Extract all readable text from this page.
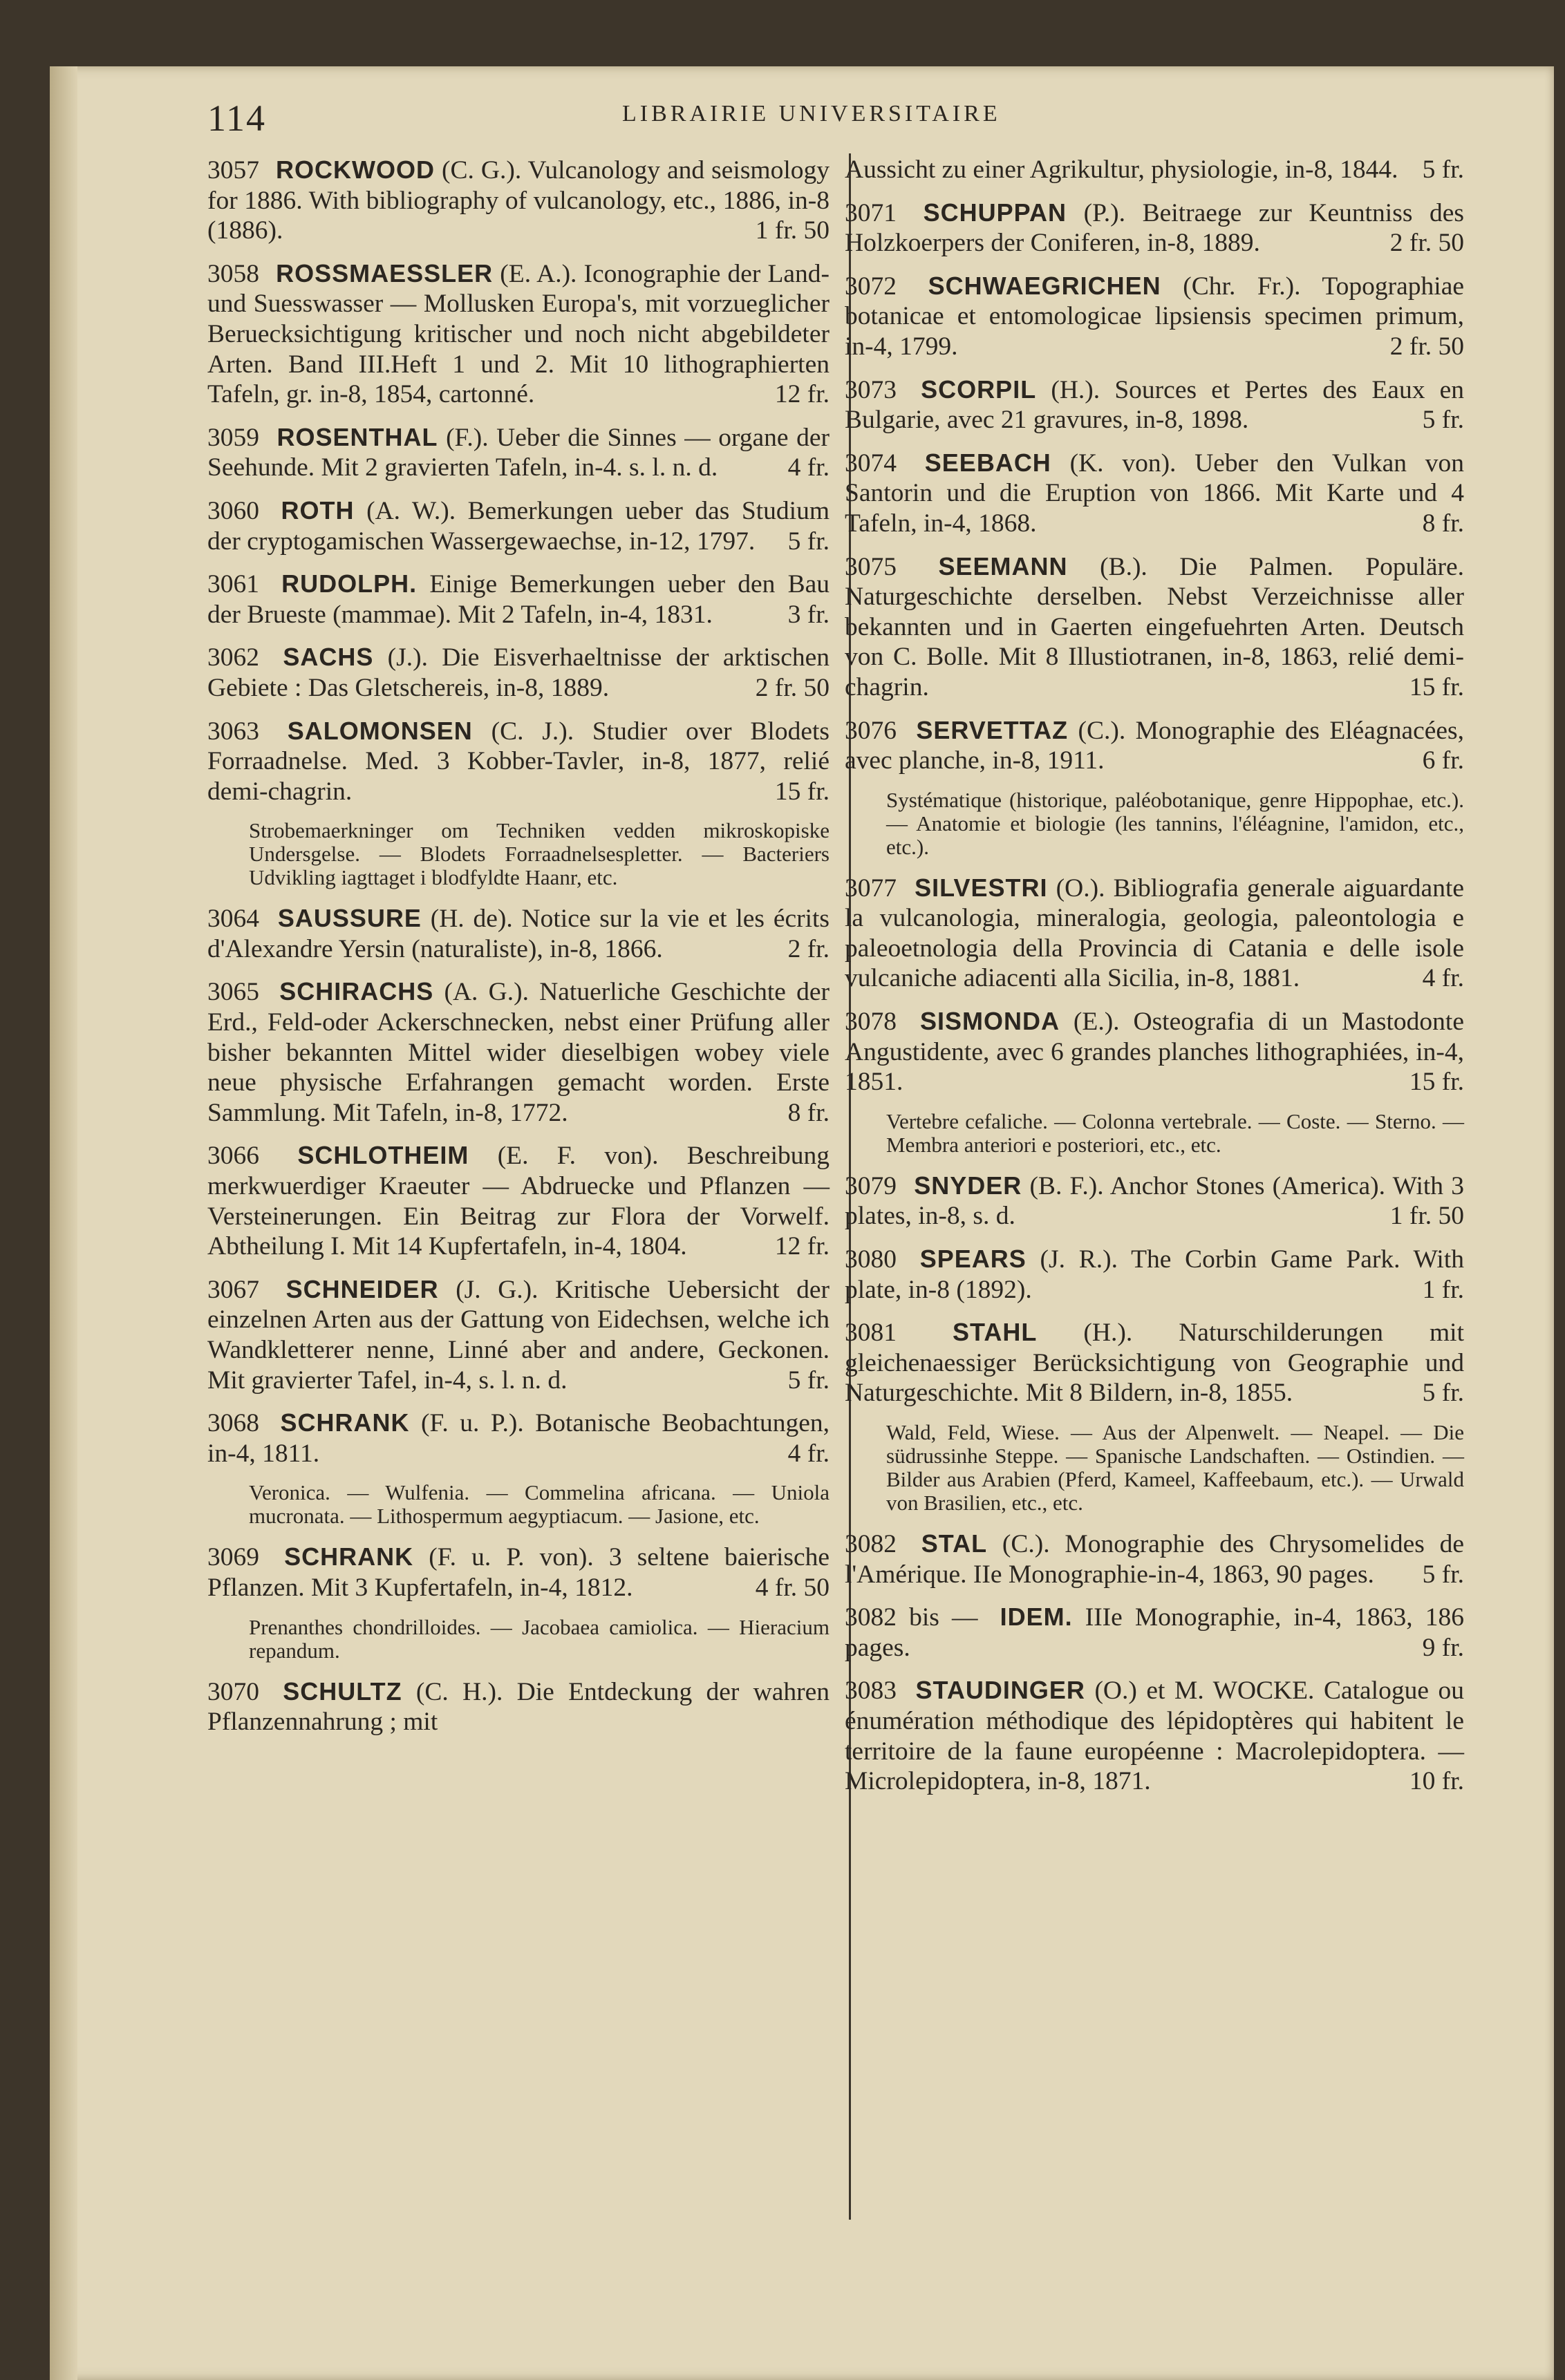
114	LIBRAIRIE UNIVERSITAIRE

3057 ROCKWOOD (C. G.). Vulcanology and seismology for 1886. With bibliography of vulcanology, etc., 1886, in-8 (1886).	1 fr. 50

3058 ROSSMAESSLER (E. A.). Iconographie der Land-und Suesswasser — Mollusken Europa's, mit vorzueglicher Beruecksichtigung kritischer und noch nicht abgebildeter Arten. Band III.Heft 1 und 2. Mit 10 lithographierten Tafeln, gr. in-8, 1854, cartonné.	12 fr.

3059 ROSENTHAL (F.). Ueber die Sinnes — organe der Seehunde. Mit 2 gravierten Tafeln, in-4. s. l. n. d.	4 fr.

3060 ROTH (A. W.). Bemerkungen ueber das Studium der cryptogamischen Wassergewaechse, in-12, 1797. 5 fr.

3061 RUDOLPH. Einige Bemerkungen ueber den Bau der Brueste (mammae). Mit 2 Tafeln, in-4, 1831.	3 fr.

3062 SACHS (J.). Die Eisverhaeltnisse der arktischen Gebiete : Das Gletschereis, in-8, 1889.	2 fr. 50

3063 SALOMONSEN (C. J.). Studier over Blodets Forraadnelse. Med. 3 Kobber-Tavler, in-8, 1877, relié demi-chagrin.	15 fr.

Strobemaerkninger om Techniken vedden mikroskopiske Undersgelse. — Blodets Forraadnelsespletter. — Bacteriers Udvikling iagttaget i blodfyldte Haanr, etc.

3064 SAUSSURE (H. de). Notice sur la vie et les écrits d'Alexandre Yersin (naturaliste), in-8, 1866.	2 fr.

3065 SCHIRACHS (A. G.). Natuerliche Geschichte der Erd., Feld-oder Ackerschnecken, nebst einer Prüfung aller bisher bekannten Mittel wider dieselbigen wobey viele neue physische Erfahrangen gemacht worden. Erste Sammlung. Mit Tafeln, in-8, 1772.	8 fr.

3066 SCHLOTHEIM (E. F. von). Beschreibung merkwuerdiger Kraeuter — Abdruecke und Pflanzen — Versteinerungen. Ein Beitrag zur Flora der Vorwelf. Abtheilung I. Mit 14 Kupfertafeln, in-4, 1804.	12 fr.

3067 SCHNEIDER (J. G.). Kritische Uebersicht der einzelnen Arten aus der Gattung von Eidechsen, welche ich Wandkletterer nenne, Linné aber and andere, Geckonen. Mit gravierter Tafel, in-4, s. l. n. d.	5 fr.

3068 SCHRANK (F. u. P.). Botanische Beobachtungen, in-4, 1811.	4 fr.

Veronica. — Wulfenia. — Commelina africana. — Uniola mucronata. — Lithospermum aegyptiacum. — Jasione, etc.

3069 SCHRANK (F. u. P. von). 3 seltene baierische Pflanzen. Mit 3 Kupfertafeln, in-4, 1812.	4 fr. 50

Prenanthes chondrilloides. — Jacobaea camiolica. — Hieracium repandum.

3070 SCHULTZ (C. H.). Die Entdeckung der wahren Pflanzennahrung ; mit

Aussicht zu einer Agrikultur, physiologie, in-8, 1844. 5 fr.

3071 SCHUPPAN (P.). Beitraege zur Keuntniss des Holzkoerpers der Coniferen, in-8, 1889.	2 fr. 50

3072 SCHWAEGRICHEN (Chr. Fr.). Topographiae botanicae et entomologicae lipsiensis specimen primum, in-4, 1799.	2 fr. 50

3073 SCORPIL (H.). Sources et Pertes des Eaux en Bulgarie, avec 21 gravures, in-8, 1898.	5 fr.

3074 SEEBACH (K. von). Ueber den Vulkan von Santorin und die Eruption von 1866. Mit Karte und 4 Tafeln, in-4, 1868.	8 fr.

3075 SEEMANN (B.). Die Palmen. Populäre. Naturgeschichte derselben. Nebst Verzeichnisse aller bekannten und in Gaerten eingefuehrten Arten. Deutsch von C. Bolle. Mit 8 Illustiotranen, in-8, 1863, relié demi-chagrin.	15 fr.

3076 SERVETTAZ (C.). Monographie des Eléagnacées, avec planche, in-8, 1911.	6 fr.

Systématique (historique, paléobotanique, genre Hippophae, etc.). — Anatomie et biologie (les tannins, l'éléagnine, l'amidon, etc., etc.).

3077 SILVESTRI (O.). Bibliografia generale aiguardante la vulcanologia, mineralogia, geologia, paleontologia e paleoetnologia della Provincia di Catania e delle isole vulcaniche adiacenti alla Sicilia, in-8, 1881.	4 fr.

3078 SISMONDA (E.). Osteografia di un Mastodonte Angustidente, avec 6 grandes planches lithographiées, in-4, 1851.	15 fr.

Vertebre cefaliche. — Colonna vertebrale. — Coste. — Sterno. — Membra anteriori e posteriori, etc., etc.

3079 SNYDER (B. F.). Anchor Stones (America). With 3 plates, in-8, s. d.	1 fr. 50

3080 SPEARS (J. R.). The Corbin Game Park. With plate, in-8 (1892).	1 fr.

3081 STAHL (H.). Naturschilderungen mit gleichenaessiger Berücksichtigung von Geographie und Naturgeschichte. Mit 8 Bildern, in-8, 1855.	5 fr.

Wald, Feld, Wiese. — Aus der Alpenwelt. — Neapel. — Die südrussinhe Steppe. — Spanische Landschaften. — Ostindien. — Bilder aus Arabien (Pferd, Kameel, Kaffeebaum, etc.). — Urwald von Brasilien, etc., etc.

3082 STAL (C.). Monographie des Chrysomelides de l'Amérique. IIe Monographie-in-4, 1863, 90 pages. 5 fr.

3082 bis — IDEM. IIIe Monographie, in-4, 1863, 186 pages.	9 fr.

3083 STAUDINGER (O.) et M. WOCKE. Catalogue ou énumération méthodique des lépidoptères qui habitent le territoire de la faune européenne : Macrolepidoptera. — Microlepidoptera, in-8, 1871.	10 fr.
